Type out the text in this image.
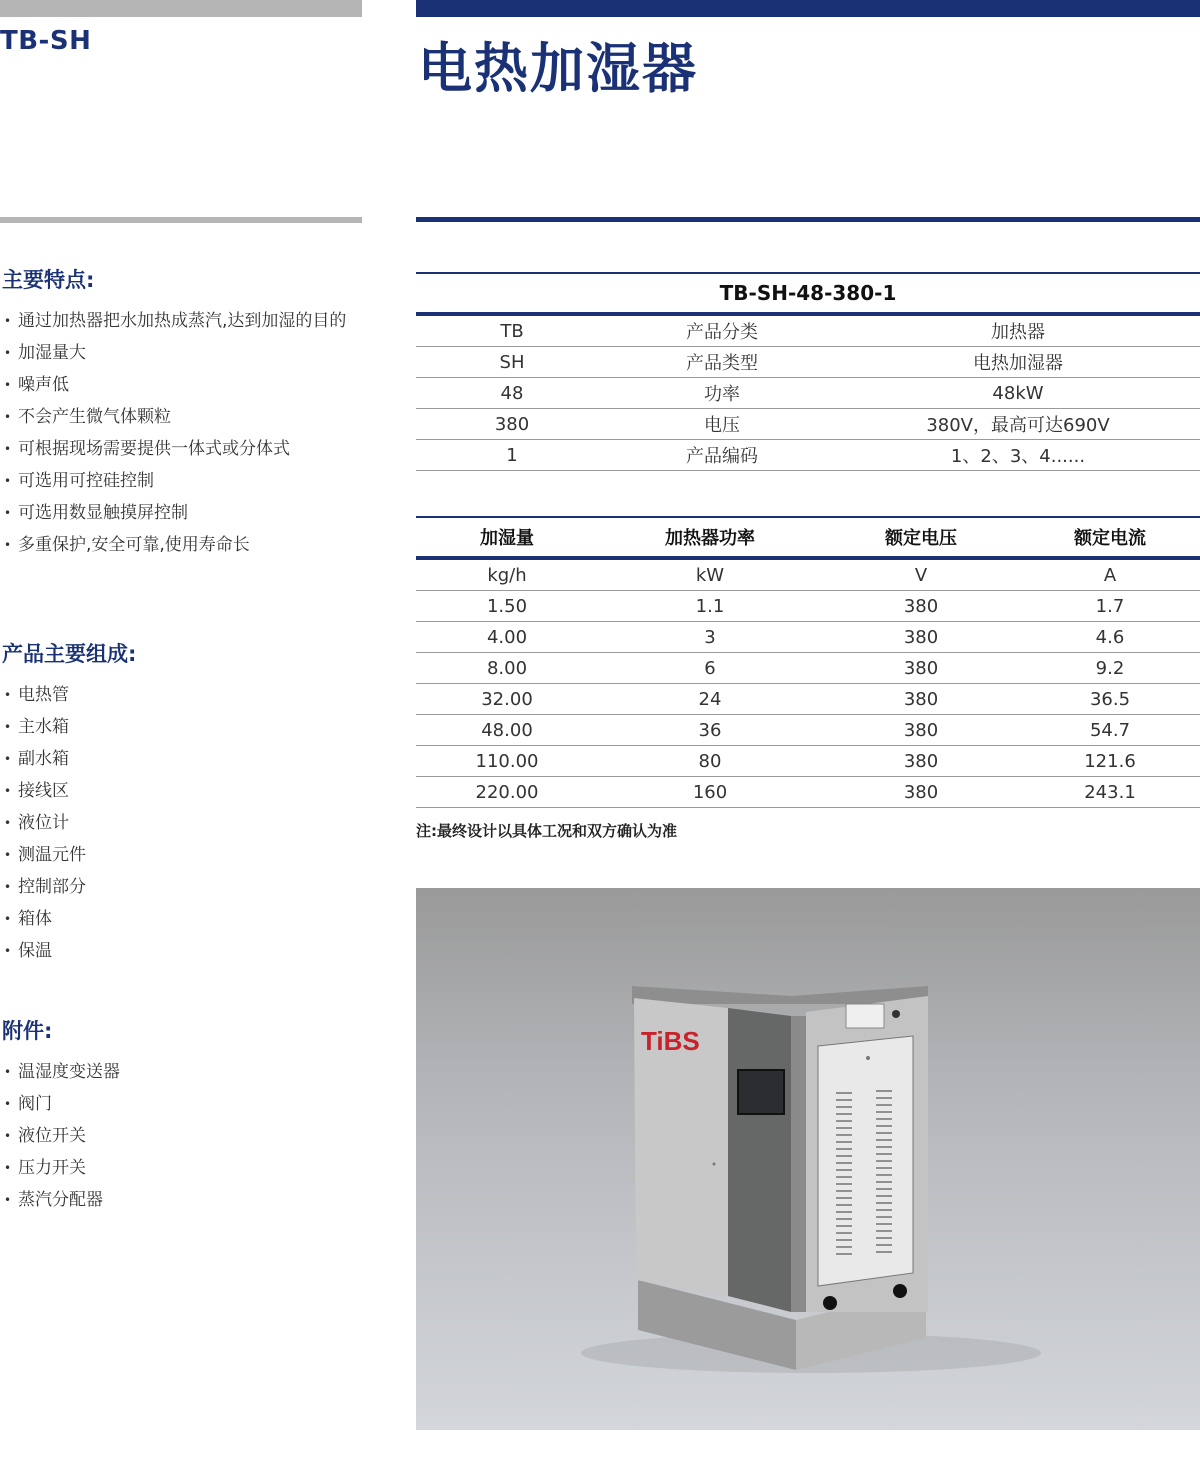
TB-SH
主要特点:
• 通过加热器把水加热成蒸汽,达到加湿的目的
• 加湿量大
• 噪声低
• 不会产生微气体颗粒
• 可根据现场需要提供一体式或分体式
• 可选用可控硅控制
• 可选用数显触摸屏控制
• 多重保护,安全可靠,使用寿命长
产品主要组成:
• 电热管
• 主水箱
• 副水箱
• 接线区
• 液位计
• 测温元件
• 控制部分
• 箱体
• 保温
附件:
• 温湿度变送器
• 阀门
• 液位开关
• 压力开关
• 蒸汽分配器
电热加湿器
TB-SH-48-380-1		
TB	产品分类	加热器
SH	产品类型	电热加湿器
48	功率	48kW
380	电压	380V，最高可达690V
1	产品编码	1、2、3、4......
加湿量	加热器功率	额定电压	额定电流
kg/h	kW	V	A
1.50	1.1	380	1.7
4.00	3	380	4.6
8.00	6	380	9.2
32.00	24	380	36.5
48.00	36	380	54.7
110.00	80	380	121.6
220.00	160	380	243.1
注:最终设计以具体工况和双方确认为准
TiBS
